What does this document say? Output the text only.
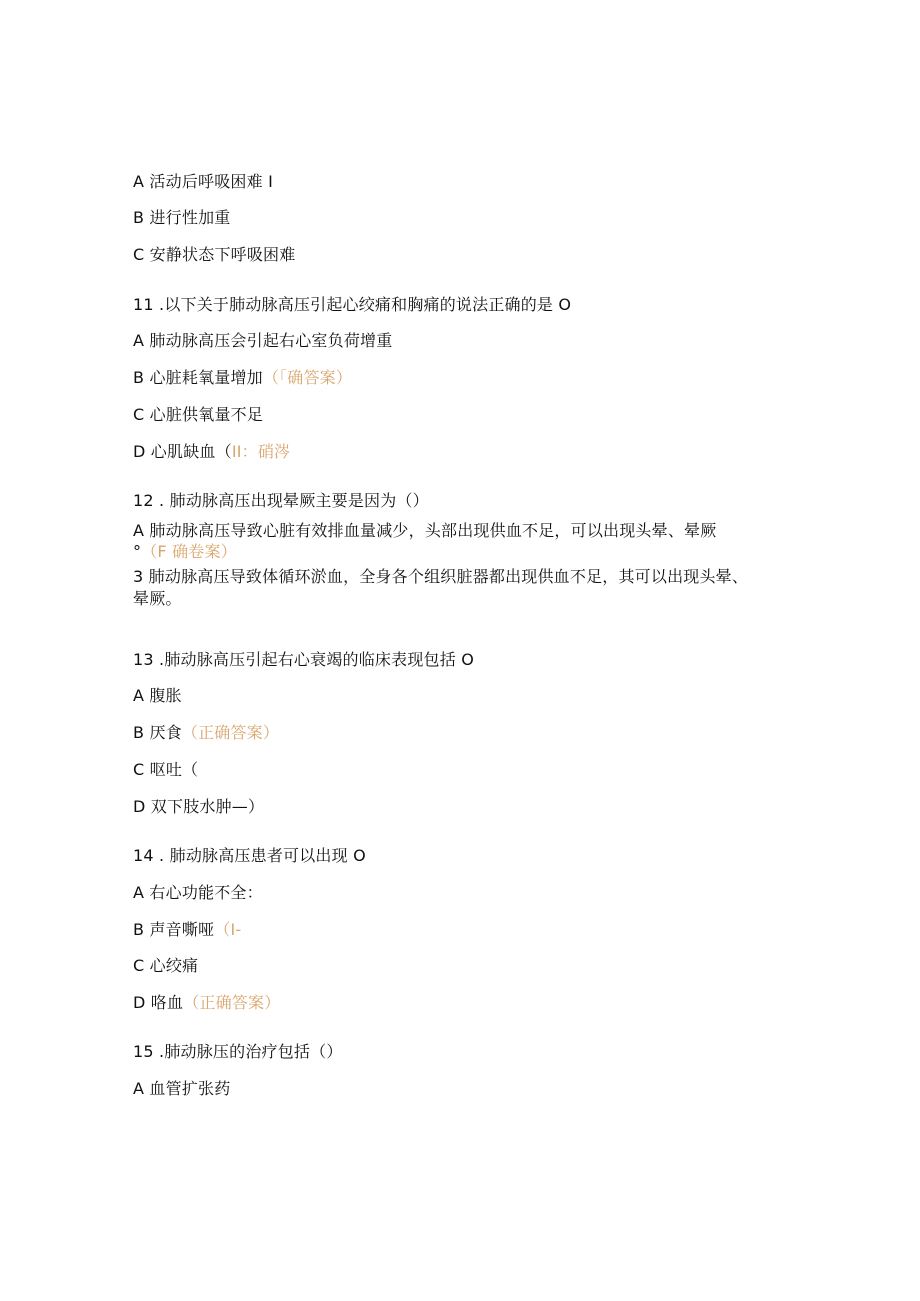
A 活动后呼吸困难 I
B 进行性加重
C 安静状态下呼吸困难
11 .以下关于肺动脉高压引起心绞痛和胸痛的说法正确的是 O
A 肺动脉高压会引起右心室负荷增重
B 心脏耗氧量增加（「确答案）
C 心脏供氧量不足
D 心肌缺血（II：硝涔
12 . 肺动脉高压出现晕厥主要是因为（）
A 肺动脉高压导致心脏有效排血量减少，头部出现供血不足，可以出现头晕、晕厥
°（F 确卷案）
3 肺动脉高压导致体循环淤血，全身各个组织脏器都出现供血不足，其可以出现头晕、
晕厥。
13 .肺动脉高压引起右心衰竭的临床表现包括 O
A 腹胀
B 厌食（正确答案）
C 呕吐（
D 双下肢水肿—）
14 . 肺动脉高压患者可以出现 O
A 右心功能不全：
B 声音嘶哑（I-
C 心绞痛
D 咯血（正确答案）
15 .肺动脉压的治疗包括（）
A 血管扩张药
